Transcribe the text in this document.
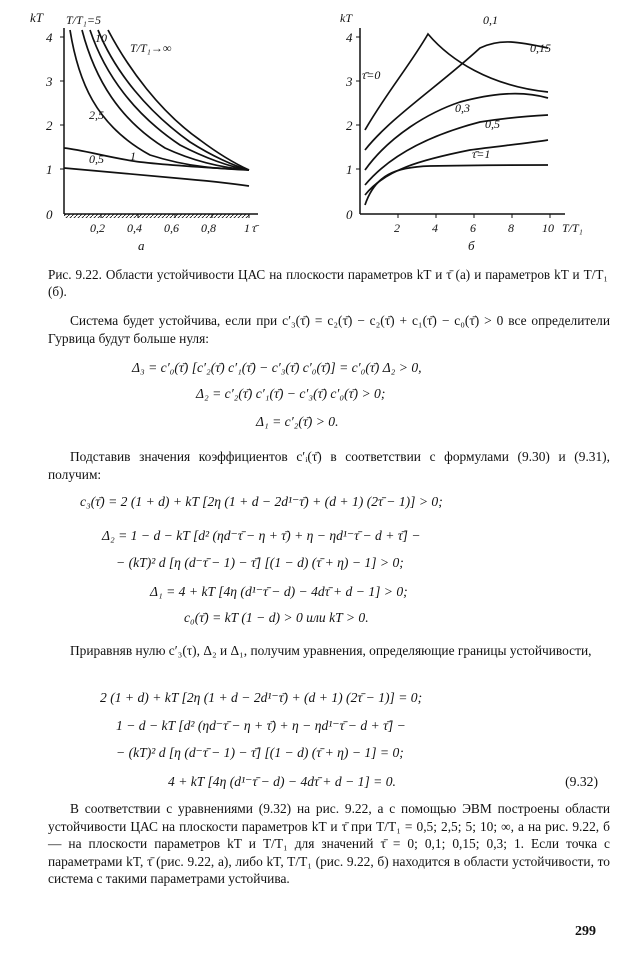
kT
0
1
2
3
4
0,2 0,4 0,6 0,8 1 τ̄
а
T/T₁=5
10
T/T₁→∞
2,5
0,5 1
kT
0
1
2
3
4
2	4	6	8 10 T/T₁
б
0,1
0,15
τ̄=0
0,3
0,5
τ̄=1
Рис. 9.22. Области устойчивости ЦАС на плоскости параметров kT и τ̄ (а) и параметров kT и T/T₁ (б).
Система будет устойчива, если при c′₃(τ̄) = c₂(τ̄) − c₂(τ̄) + c₁(τ̄) − c₀(τ̄) > 0 все определители Гурвица будут больше нуля:
Δ₃ = c′₀(τ̄) [c′₂(τ̄) c′₁(τ̄) − c′₃(τ̄) c′₀(τ̄)] = c′₀(τ̄) Δ₂ > 0,
Δ₂ = c′₂(τ̄) c′₁(τ̄) − c′₃(τ̄) c′₀(τ̄) > 0;
Δ₁ = c′₂(τ̄) > 0.
Подставив значения коэффициентов c′ᵢ(τ̄) в соответствии с формулами (9.30) и (9.31), получим:
c₃(τ̄) = 2 (1 + d) + kT [2η (1 + d − 2d¹⁻τ̄) + (d + 1) (2τ̄ − 1)] > 0;
Δ₂ = 1 − d − kT [d² (ηd⁻τ̄ − η + τ̄) + η − ηd¹⁻τ̄ − d + τ̄] −
− (kT)² d [η (d⁻τ̄ − 1) − τ̄] [(1 − d) (τ̄ + η) − 1] > 0;
Δ₁ = 4 + kT [4η (d¹⁻τ̄ − d) − 4dτ̄ + d − 1] > 0;
c₀(τ̄) = kT (1 − d) > 0 или kT > 0.
Приравняв нулю c′₃(τ), Δ₂ и Δ₁, получим уравнения, определяющие границы устойчивости,
2 (1 + d) + kT [2η (1 + d − 2d¹⁻τ̄) + (d + 1) (2τ̄ − 1)] = 0;
1 − d − kT [d² (ηd⁻τ̄ − η + τ̄) + η − ηd¹⁻τ̄ − d + τ̄] −
− (kT)² d [η (d⁻τ̄ − 1) − τ̄] [(1 − d) (τ̄ + η) − 1] = 0;
4 + kT [4η (d¹⁻τ̄ − d) − 4dτ̄ + d − 1] = 0.	(9.32)
В соответствии с уравнениями (9.32) на рис. 9.22, а с помощью ЭВМ построены области устойчивости ЦАС на плоскости параметров kT и τ̄ при T/T₁ = 0,5; 2,5; 5; 10; ∞, а на рис. 9.22, б — на плоскости параметров kT и T/T₁ для значений τ̄ = 0; 0,1; 0,15; 0,3; 1. Если точка с параметрами kT, τ̄ (рис. 9.22, а), либо kT, T/T₁ (рис. 9.22, б) находится в области устойчивости, то система с такими параметрами устойчива.
299
